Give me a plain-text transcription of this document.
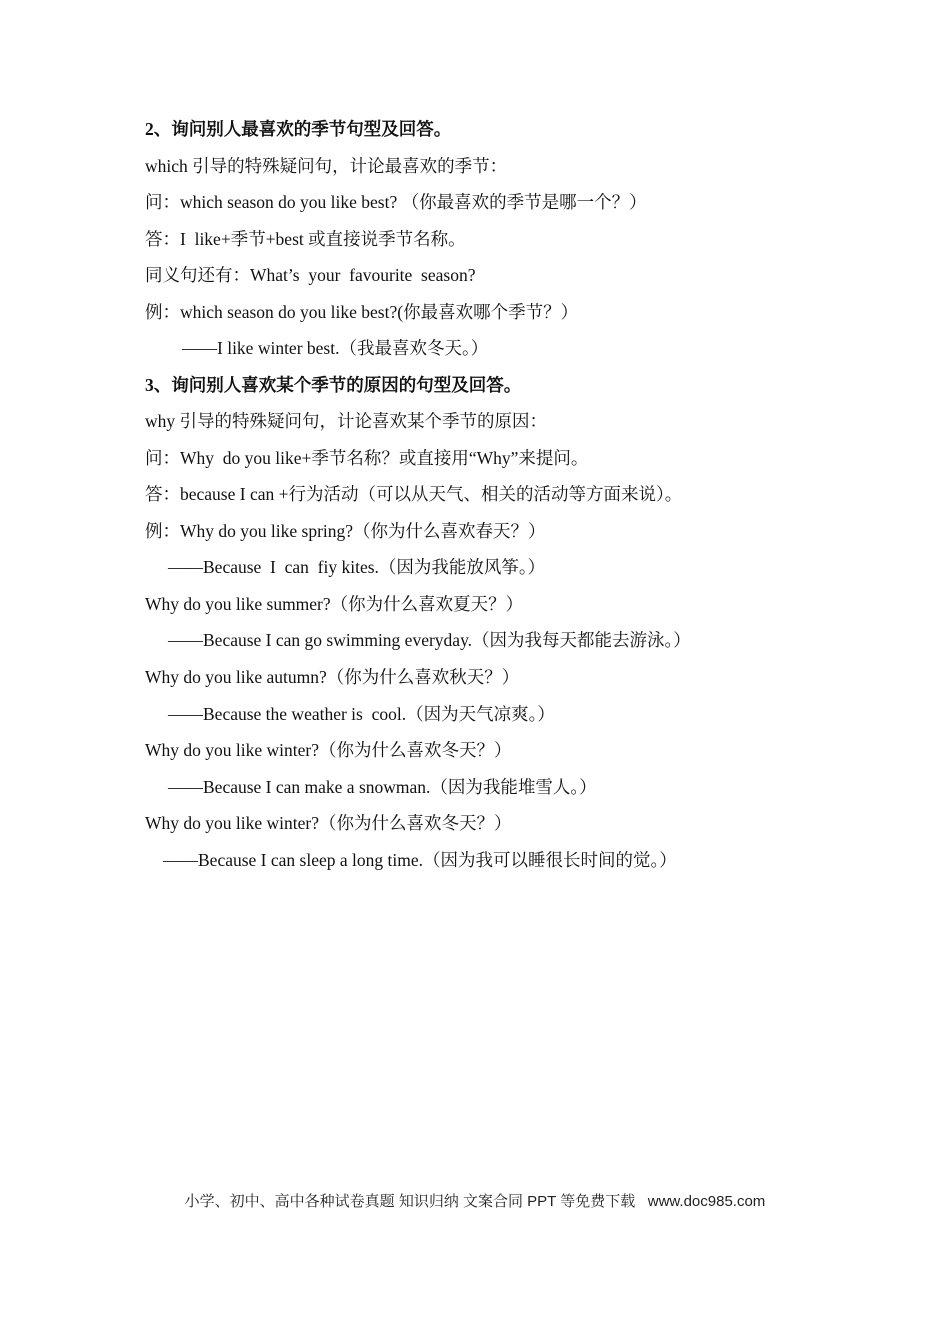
2、询问别人最喜欢的季节句型及回答。
which 引导的特殊疑问句，计论最喜欢的季节：
问：which season do you like best? （你最喜欢的季节是哪一个？）
答：I  like+季节+best 或直接说季节名称。
同义句还有：What’s  your  favourite  season?
例：which season do you like best?(你最喜欢哪个季节？）
——I like winter best.（我最喜欢冬天。）
3、询问别人喜欢某个季节的原因的句型及回答。
why 引导的特殊疑问句，计论喜欢某个季节的原因：
问：Why  do you like+季节名称？或直接用“Why”来提问。
答：because I can +行为活动（可以从天气、相关的活动等方面来说）。
例：Why do you like spring?（你为什么喜欢春天？）
——Because  I  can  fiy kites.（因为我能放风筝。）
Why do you like summer?（你为什么喜欢夏天？）
——Because I can go swimming everyday.（因为我每天都能去游泳。）
Why do you like autumn?（你为什么喜欢秋天？）
——Because the weather is  cool.（因为天气凉爽。）
Why do you like winter?（你为什么喜欢冬天？）
——Because I can make a snowman.（因为我能堆雪人。）
Why do you like winter?（你为什么喜欢冬天？）
——Because I can sleep a long time.（因为我可以睡很长时间的觉。）
小学、初中、高中各种试卷真题 知识归纳 文案合同 PPT 等免费下载   www.doc985.com
